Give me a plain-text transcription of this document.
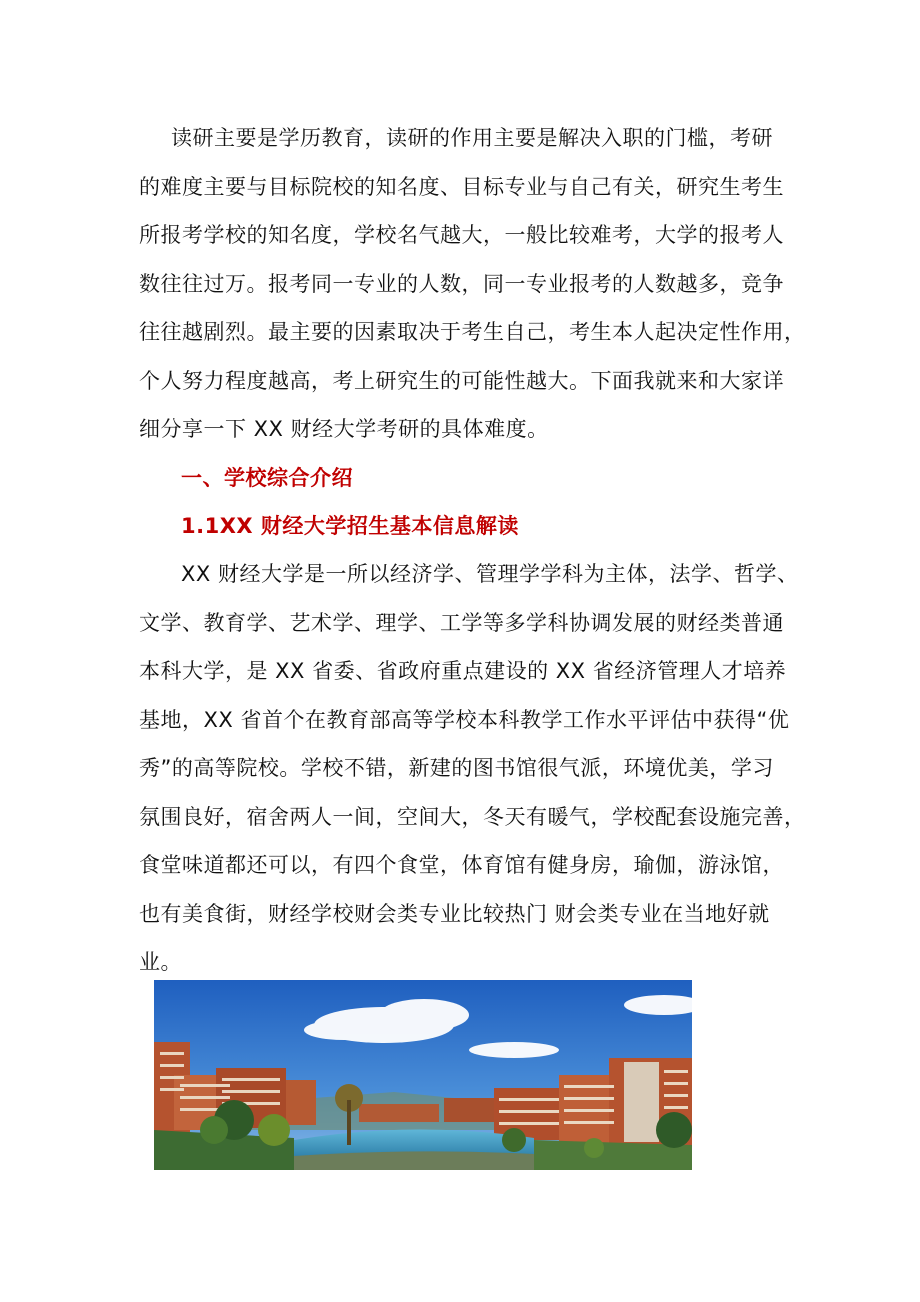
读研主要是学历教育，读研的作用主要是解决入职的门槛，考研
的难度主要与目标院校的知名度、目标专业与自己有关，研究生考生
所报考学校的知名度，学校名气越大，一般比较难考，大学的报考人
数往往过万。报考同一专业的人数，同一专业报考的人数越多，竞争
往往越剧烈。最主要的因素取决于考生自己，考生本人起决定性作用，
个人努力程度越高，考上研究生的可能性越大。下面我就来和大家详
细分享一下 XX 财经大学考研的具体难度。
一、学校综合介绍
1.1XX 财经大学招生基本信息解读
XX 财经大学是一所以经济学、管理学学科为主体，法学、哲学、
文学、教育学、艺术学、理学、工学等多学科协调发展的财经类普通
本科大学，是 XX 省委、省政府重点建设的 XX 省经济管理人才培养
基地，XX 省首个在教育部高等学校本科教学工作水平评估中获得“优
秀”的高等院校。学校不错，新建的图书馆很气派，环境优美，学习
氛围良好，宿舍两人一间，空间大，冬天有暖气，学校配套设施完善，
食堂味道都还可以，有四个食堂，体育馆有健身房，瑜伽，游泳馆，
也有美食街，财经学校财会类专业比较热门 财会类专业在当地好就
业。
